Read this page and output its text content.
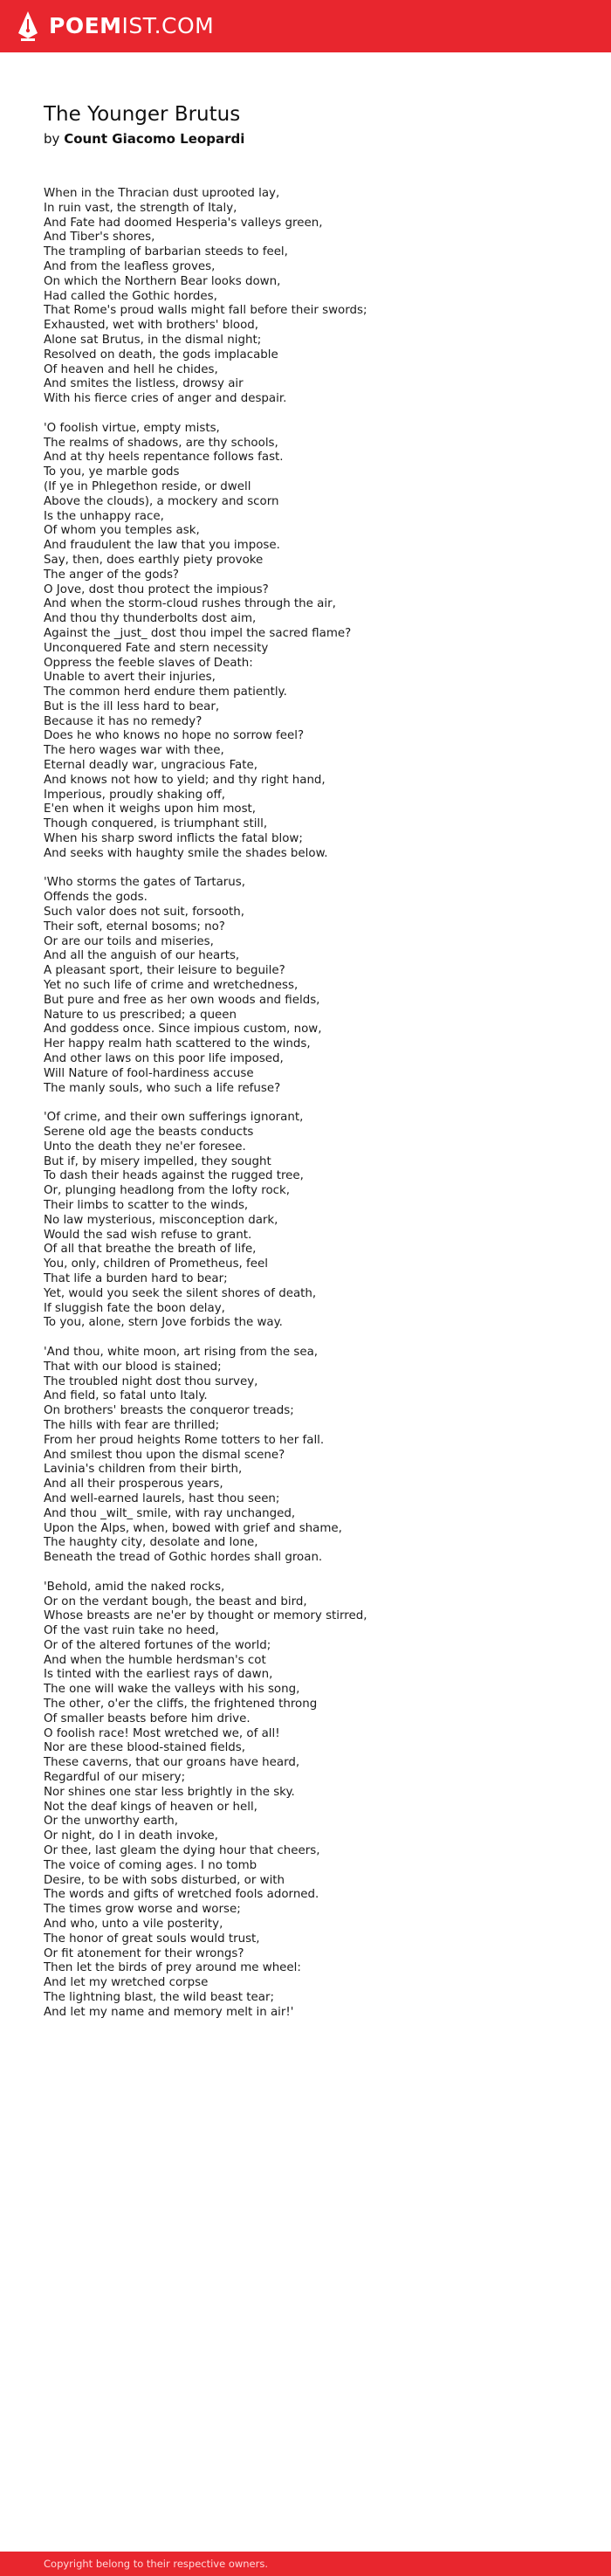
POEMIST.COM
The Younger Brutus
by Count Giacomo Leopardi
When in the Thracian dust uprooted lay,
In ruin vast, the strength of Italy,
And Fate had doomed Hesperia's valleys green,
And Tiber's shores,
The trampling of barbarian steeds to feel,
And from the leafless groves,
On which the Northern Bear looks down,
Had called the Gothic hordes,
That Rome's proud walls might fall before their swords;
Exhausted, wet with brothers' blood,
Alone sat Brutus, in the dismal night;
Resolved on death, the gods implacable
Of heaven and hell he chides,
And smites the listless, drowsy air
With his fierce cries of anger and despair.
'O foolish virtue, empty mists,
The realms of shadows, are thy schools,
And at thy heels repentance follows fast.
To you, ye marble gods
(If ye in Phlegethon reside, or dwell
Above the clouds), a mockery and scorn
Is the unhappy race,
Of whom you temples ask,
And fraudulent the law that you impose.
Say, then, does earthly piety provoke
The anger of the gods?
O Jove, dost thou protect the impious?
And when the storm-cloud rushes through the air,
And thou thy thunderbolts dost aim,
Against the _just_ dost thou impel the sacred flame?
Unconquered Fate and stern necessity
Oppress the feeble slaves of Death:
Unable to avert their injuries,
The common herd endure them patiently.
But is the ill less hard to bear,
Because it has no remedy?
Does he who knows no hope no sorrow feel?
The hero wages war with thee,
Eternal deadly war, ungracious Fate,
And knows not how to yield; and thy right hand,
Imperious, proudly shaking off,
E'en when it weighs upon him most,
Though conquered, is triumphant still,
When his sharp sword inflicts the fatal blow;
And seeks with haughty smile the shades below.
'Who storms the gates of Tartarus,
Offends the gods.
Such valor does not suit, forsooth,
Their soft, eternal bosoms; no?
Or are our toils and miseries,
And all the anguish of our hearts,
A pleasant sport, their leisure to beguile?
Yet no such life of crime and wretchedness,
But pure and free as her own woods and fields,
Nature to us prescribed; a queen
And goddess once. Since impious custom, now,
Her happy realm hath scattered to the winds,
And other laws on this poor life imposed,
Will Nature of fool-hardiness accuse
The manly souls, who such a life refuse?
'Of crime, and their own sufferings ignorant,
Serene old age the beasts conducts
Unto the death they ne'er foresee.
But if, by misery impelled, they sought
To dash their heads against the rugged tree,
Or, plunging headlong from the lofty rock,
Their limbs to scatter to the winds,
No law mysterious, misconception dark,
Would the sad wish refuse to grant.
Of all that breathe the breath of life,
You, only, children of Prometheus, feel
That life a burden hard to bear;
Yet, would you seek the silent shores of death,
If sluggish fate the boon delay,
To you, alone, stern Jove forbids the way.
'And thou, white moon, art rising from the sea,
That with our blood is stained;
The troubled night dost thou survey,
And field, so fatal unto Italy.
On brothers' breasts the conqueror treads;
The hills with fear are thrilled;
From her proud heights Rome totters to her fall.
And smilest thou upon the dismal scene?
Lavinia's children from their birth,
And all their prosperous years,
And well-earned laurels, hast thou seen;
And thou _wilt_ smile, with ray unchanged,
Upon the Alps, when, bowed with grief and shame,
The haughty city, desolate and lone,
Beneath the tread of Gothic hordes shall groan.
'Behold, amid the naked rocks,
Or on the verdant bough, the beast and bird,
Whose breasts are ne'er by thought or memory stirred,
Of the vast ruin take no heed,
Or of the altered fortunes of the world;
And when the humble herdsman's cot
Is tinted with the earliest rays of dawn,
The one will wake the valleys with his song,
The other, o'er the cliffs, the frightened throng
Of smaller beasts before him drive.
O foolish race! Most wretched we, of all!
Nor are these blood-stained fields,
These caverns, that our groans have heard,
Regardful of our misery;
Nor shines one star less brightly in the sky.
Not the deaf kings of heaven or hell,
Or the unworthy earth,
Or night, do I in death invoke,
Or thee, last gleam the dying hour that cheers,
The voice of coming ages. I no tomb
Desire, to be with sobs disturbed, or with
The words and gifts of wretched fools adorned.
The times grow worse and worse;
And who, unto a vile posterity,
The honor of great souls would trust,
Or fit atonement for their wrongs?
Then let the birds of prey around me wheel:
And let my wretched corpse
The lightning blast, the wild beast tear;
And let my name and memory melt in air!'
Copyright belong to their respective owners.
